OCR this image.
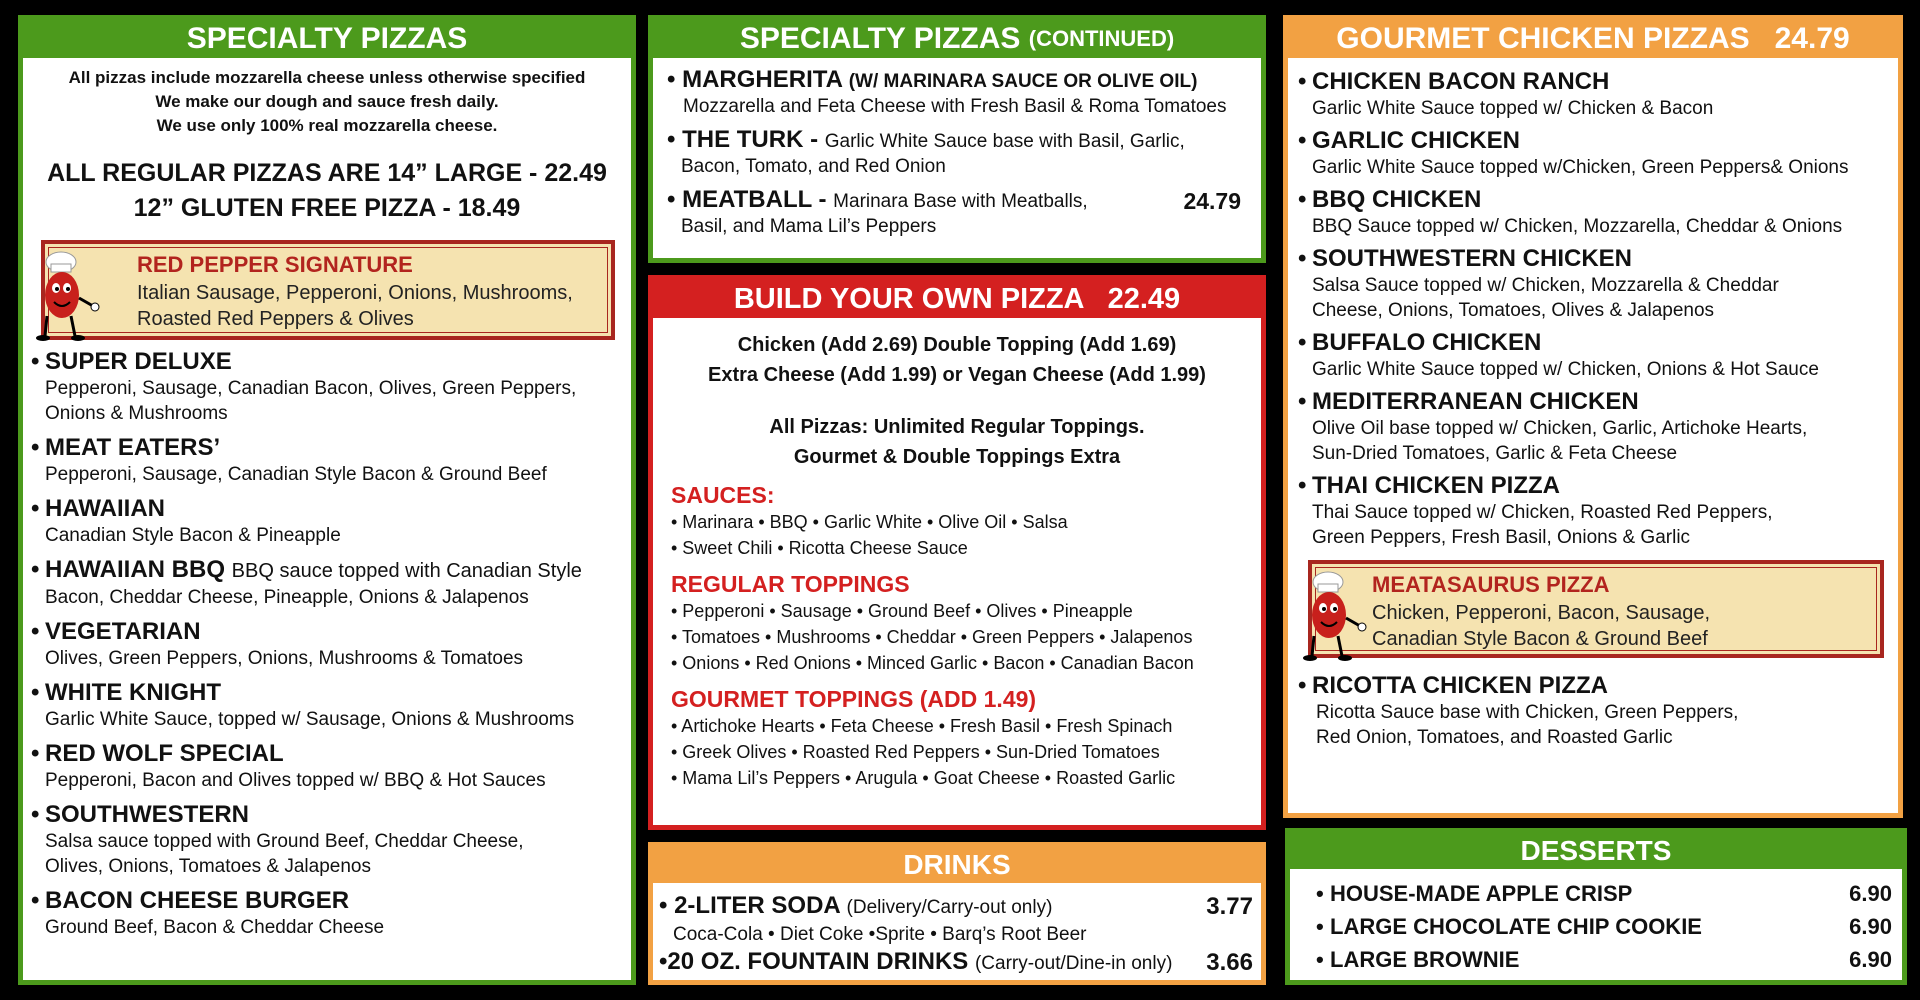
SPECIALTY PIZZAS
All pizzas include mozzarella cheese unless otherwise specified
We make our dough and sauce fresh daily.
We use only 100% real mozzarella cheese.
ALL REGULAR PIZZAS ARE 14” LARGE - 22.49
12” GLUTEN FREE PIZZA - 18.49
RED PEPPER SIGNATURE
Italian Sausage, Pepperoni, Onions, Mushrooms,
Roasted Red Peppers & Olives
• SUPER DELUXE
Pepperoni, Sausage, Canadian Bacon, Olives, Green Peppers,
Onions & Mushrooms
• MEAT EATERS’
Pepperoni, Sausage, Canadian Style Bacon & Ground Beef
• HAWAIIAN
Canadian Style Bacon & Pineapple
• HAWAIIAN BBQ BBQ sauce topped with Canadian Style
Bacon, Cheddar Cheese, Pineapple, Onions & Jalapenos
• VEGETARIAN
Olives, Green Peppers, Onions, Mushrooms & Tomatoes
• WHITE KNIGHT
Garlic White Sauce, topped w/ Sausage, Onions & Mushrooms
• RED WOLF SPECIAL
Pepperoni, Bacon and Olives topped w/ BBQ & Hot Sauces
• SOUTHWESTERN
Salsa sauce topped with Ground Beef, Cheddar Cheese,
Olives, Onions, Tomatoes & Jalapenos
• BACON CHEESE BURGER
Ground Beef, Bacon & Cheddar Cheese
SPECIALTY PIZZAS
(CONTINUED)
• MARGHERITA (W/ MARINARA SAUCE OR OLIVE OIL)
Mozzarella and Feta Cheese with Fresh Basil & Roma Tomatoes
• THE TURK - Garlic White Sauce base with Basil, Garlic,
Bacon, Tomato, and Red Onion
• MEATBALL - Marinara Base with Meatballs,	24.79
Basil, and Mama Lil’s Peppers
BUILD YOUR OWN PIZZA   22.49
Chicken (Add 2.69) Double Topping (Add 1.69)
Extra Cheese (Add 1.99) or Vegan Cheese (Add 1.99)
All Pizzas: Unlimited Regular Toppings.
Gourmet & Double Toppings Extra
SAUCES:
• Marinara • BBQ • Garlic White • Olive Oil • Salsa
• Sweet Chili • Ricotta Cheese Sauce
REGULAR TOPPINGS
• Pepperoni • Sausage • Ground Beef • Olives • Pineapple
• Tomatoes • Mushrooms • Cheddar • Green Peppers • Jalapenos
• Onions • Red Onions • Minced Garlic • Bacon • Canadian Bacon
GOURMET TOPPINGS (ADD 1.49)
• Artichoke Hearts • Feta Cheese • Fresh Basil • Fresh Spinach
• Greek Olives • Roasted Red Peppers • Sun-Dried Tomatoes
• Mama Lil’s Peppers • Arugula • Goat Cheese • Roasted Garlic
DRINKS
• 2-LITER SODA (Delivery/Carry-out only)	3.77
Coca-Cola • Diet Coke •Sprite • Barq’s Root Beer
•20 OZ. FOUNTAIN DRINKS (Carry-out/Dine-in only)	3.66
GOURMET CHICKEN PIZZAS   24.79
• CHICKEN BACON RANCH
Garlic White Sauce topped w/ Chicken & Bacon
• GARLIC CHICKEN
Garlic White Sauce topped w/Chicken, Green Peppers& Onions
• BBQ CHICKEN
BBQ Sauce topped w/ Chicken, Mozzarella, Cheddar & Onions
• SOUTHWESTERN CHICKEN
Salsa Sauce topped w/ Chicken, Mozzarella & Cheddar
Cheese, Onions, Tomatoes, Olives & Jalapenos
• BUFFALO CHICKEN
Garlic White Sauce topped w/ Chicken, Onions & Hot Sauce
• MEDITERRANEAN CHICKEN
Olive Oil base topped w/ Chicken, Garlic, Artichoke Hearts,
Sun-Dried Tomatoes, Garlic & Feta Cheese
• THAI CHICKEN PIZZA
Thai Sauce topped w/ Chicken, Roasted Red Peppers,
Green Peppers, Fresh Basil, Onions & Garlic
MEATASAURUS PIZZA
Chicken, Pepperoni, Bacon, Sausage,
Canadian Style Bacon & Ground Beef
• RICOTTA CHICKEN PIZZA
Ricotta Sauce base with Chicken, Green Peppers,
Red Onion, Tomatoes, and Roasted Garlic
DESSERTS
• HOUSE-MADE APPLE CRISP	6.90
• LARGE CHOCOLATE CHIP COOKIE	6.90
• LARGE BROWNIE	6.90
